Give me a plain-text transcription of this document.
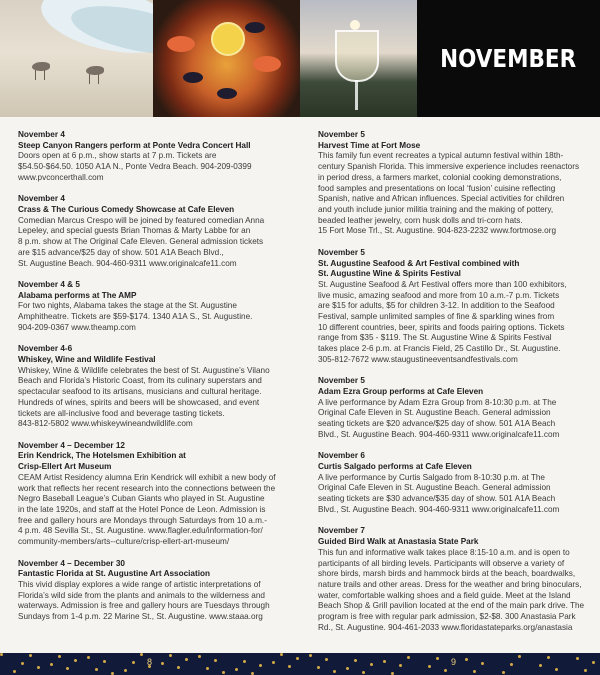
NOVEMBER
November 4
Steep Canyon Rangers perform at Ponte Vedra Concert Hall
Doors open at 6 p.m., show starts at 7 p.m. Tickets are
$54.50-$64.50. 1050 A1A N., Ponte Vedra Beach. 904-209-0399
www.pvconcerthall.com
November 4
Crass & The Curious Comedy Showcase at Cafe Eleven
Comedian Marcus Crespo will be joined by featured comedian Anna
Lepeley, and special guests Brian Thomas & Marty Labbe for an
8 p.m. show at The Original Cafe Eleven. General admission tickets
are $15 advance/$25 day of show. 501 A1A Beach Blvd.,
St. Augustine Beach. 904-460-9311 www.originalcafe11.com
November 4 & 5
Alabama performs at The AMP
For two nights, Alabama takes the stage at the St. Augustine
Amphitheatre. Tickets are $59-$174. 1340 A1A S., St. Augustine.
904-209-0367 www.theamp.com
November 4-6
Whiskey, Wine and Wildlife Festival
Whiskey, Wine & Wildlife celebrates the best of St. Augustine’s Vilano
Beach and Florida’s Historic Coast, from its culinary superstars and
spectacular seafood to its artisans, musicians and cultural heritage.
Hundreds of wines, spirits and beers will be showcased, and event
tickets are all-inclusive food and beverage tasting tickets.
843-812-5802 www.whiskeywineandwildlife.com
November 4 – December 12
Erin Kendrick, The Hotelsmen Exhibition at
Crisp-Ellert Art Museum
CEAM Artist Residency alumna Erin Kendrick will exhibit a new body of
work that reflects her recent research into the connections between the
Negro Baseball League’s Cuban Giants who played in St. Augustine
in the late 1920s, and staff at the Hotel Ponce de Leon. Admission is
free and gallery hours are Mondays through Saturdays from 10 a.m.-
4 p.m. 48 Sevilla St., St. Augustine. www.flagler.edu/information-for/
community-members/arts--culture/crisp-ellert-art-museum/
November 4 – December 30
Fantastic Florida at St. Augustine Art Association
This vivid display explores a wide range of artistic interpretations of
Florida’s wild side from the plants and animals to the wilderness and
waterways. Admission is free and gallery hours are Tuesdays through
Sundays from 1-4 p.m. 22 Marine St., St. Augustine. www.staaa.org
November 5
Harvest Time at Fort Mose
This family fun event recreates a typical autumn festival within 18th-
century Spanish Florida. This immersive experience includes reenactors
in period dress, a farmers market, colonial cooking demonstrations,
food samples and presentations on local ‘fusion’ cuisine reflecting
Spanish, native and African influences. Special activities for children
and youth include junior militia training and the making of pottery,
beaded leather jewelry, corn husk dolls and tri-corn hats.
15 Fort Mose Trl., St. Augustine. 904-823-2232 www.fortmose.org
November 5
St. Augustine Seafood & Art Festival combined with
St. Augustine Wine & Spirits Festival
St. Augustine Seafood & Art Festival offers more than 100 exhibitors,
live music, amazing seafood and more from 10 a.m.-7 p.m. Tickets
are $15 for adults, $5 for children 3-12. In addition to the Seafood
Festival, sample unlimited samples of fine & sparkling wines from
10 different countries, beer, spirits and foods pairing options. Tickets
range from $35 - $119. The St. Augustine Wine & Spirits Festival
takes place 2-6 p.m. at Francis Field, 25 Castillo Dr., St. Augustine.
305-812-7672 www.staugustineeventsandfestivals.com
November 5
Adam Ezra Group performs at Cafe Eleven
A live performance by Adam Ezra Group from 8-10:30 p.m. at The
Original Cafe Eleven in St. Augustine Beach. General admission
seating tickets are $20 advance/$25 day of show. 501 A1A Beach
Blvd., St. Augustine Beach. 904-460-9311 www.originalcafe11.com
November 6
Curtis Salgado performs at Cafe Eleven
A live performance by Curtis Salgado from 8-10:30 p.m. at The
Original Cafe Eleven in St. Augustine Beach. General admission
seating tickets are $30 advance/$35 day of show. 501 A1A Beach
Blvd., St. Augustine Beach. 904-460-9311 www.originalcafe11.com
November 7
Guided Bird Walk at Anastasia State Park
This fun and informative walk takes place 8:15-10 a.m. and is open to
participants of all birding levels. Participants will observe a variety of
shore birds, marsh birds and hammock birds at the beach, boardwalks,
nature trails and other areas. Dress for the weather and bring binoculars,
water, comfortable walking shoes and a field guide. Meet at the Island
Beach Shop & Grill pavilion located at the end of the main park drive. The
program is free with regular park admission, $2-$8. 300 Anastasia Park
Rd., St. Augustine. 904-461-2033 www.floridastateparks.org/anastasia
8	9
